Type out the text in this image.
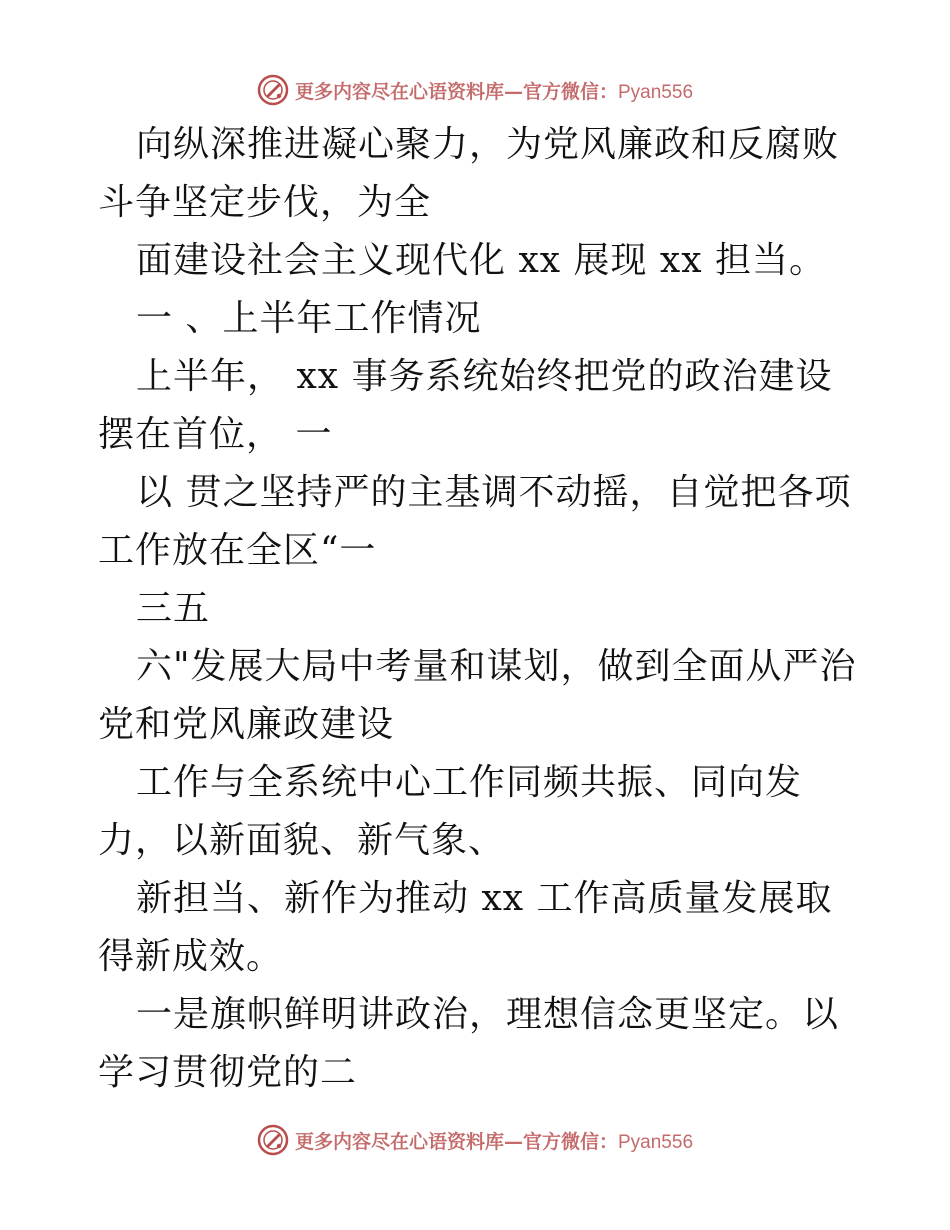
更多内容尽在心语资料库—官方微信：Pyan556

向纵深推进凝心聚力，为党风廉政和反腐败斗争坚定步伐，为全

面建设社会主义现代化 xx 展现 xx 担当。

一 、上半年工作情况

上半年， xx 事务系统始终把党的政治建设摆在首位， 一

以 贯之坚持严的主基调不动摇，自觉把各项工作放在全区“一

三五

六"发展大局中考量和谋划，做到全面从严治党和党风廉政建设

工作与全系统中心工作同频共振、同向发力，以新面貌、新气象、

新担当、新作为推动 xx 工作高质量发展取得新成效。

一是旗帜鲜明讲政治，理想信念更坚定。以学习贯彻党的二

更多内容尽在心语资料库—官方微信：Pyan556
